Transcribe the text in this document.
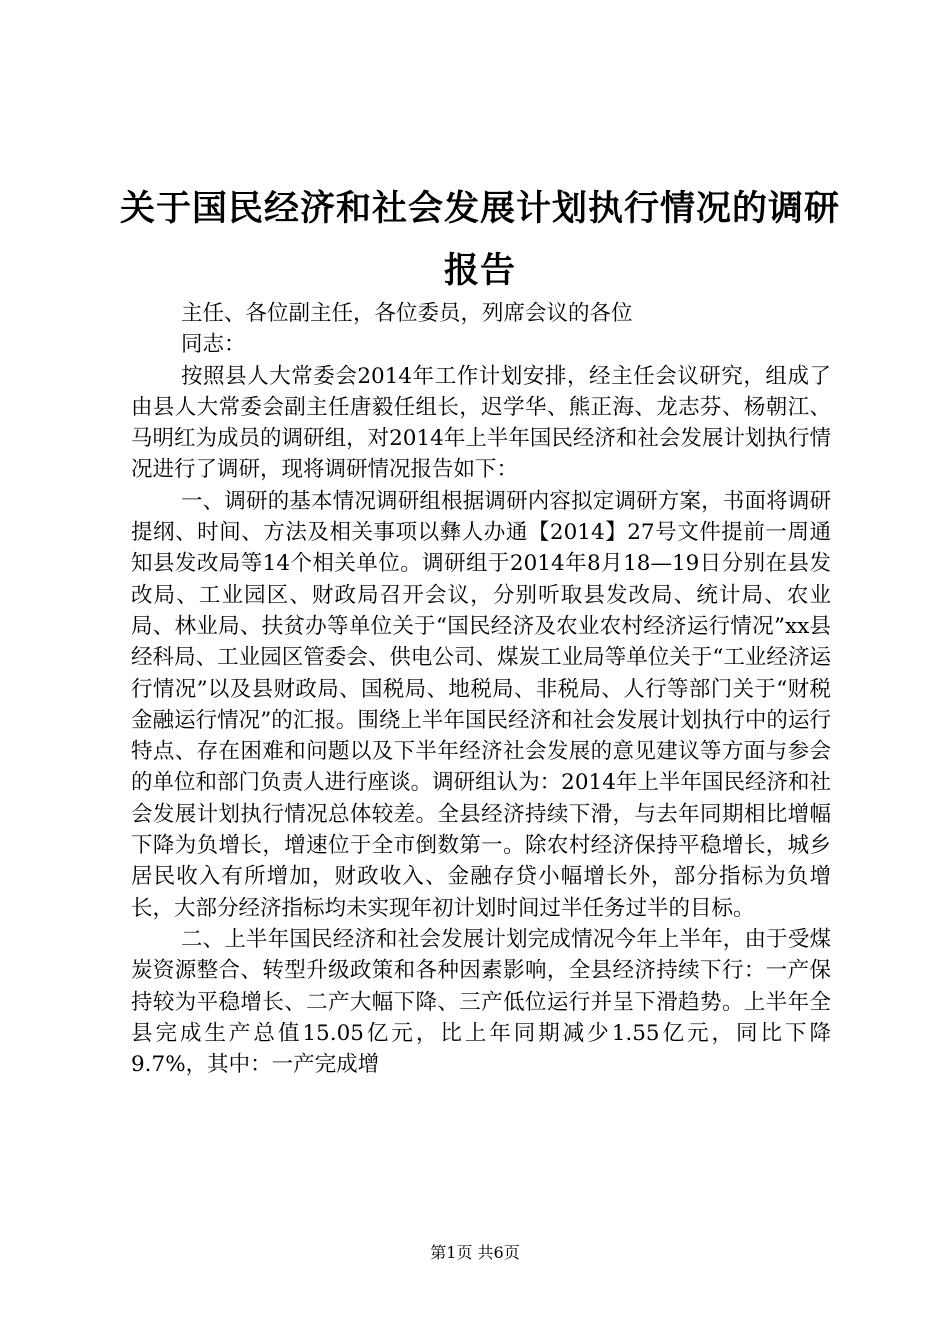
关于国民经济和社会发展计划执行情况的调研
报告

主任、各位副主任，各位委员，列席会议的各位

同志：

按照县人大常委会2014年工作计划安排，经主任会议研究，组成了由县人大常委会副主任唐毅任组长，迟学华、熊正海、龙志芬、杨朝江、马明红为成员的调研组，对2014年上半年国民经济和社会发展计划执行情况进行了调研，现将调研情况报告如下：

一、调研的基本情况调研组根据调研内容拟定调研方案，书面将调研提纲、时间、方法及相关事项以彝人办通【2014】27号文件提前一周通知县发改局等14个相关单位。调研组于2014年8月18—19日分别在县发改局、工业园区、财政局召开会议，分别听取县发改局、统计局、农业局、林业局、扶贫办等单位关于“国民经济及农业农村经济运行情况”xx县经科局、工业园区管委会、供电公司、煤炭工业局等单位关于“工业经济运行情况”以及县财政局、国税局、地税局、非税局、人行等部门关于“财税金融运行情况”的汇报。围绕上半年国民经济和社会发展计划执行中的运行特点、存在困难和问题以及下半年经济社会发展的意见建议等方面与参会的单位和部门负责人进行座谈。调研组认为：2014年上半年国民经济和社会发展计划执行情况总体较差。全县经济持续下滑，与去年同期相比增幅下降为负增长，增速位于全市倒数第一。除农村经济保持平稳增长，城乡居民收入有所增加，财政收入、金融存贷小幅增长外，部分指标为负增长，大部分经济指标均未实现年初计划时间过半任务过半的目标。

二、上半年国民经济和社会发展计划完成情况今年上半年，由于受煤炭资源整合、转型升级政策和各种因素影响，全县经济持续下行：一产保持较为平稳增长、二产大幅下降、三产低位运行并呈下滑趋势。上半年全县完成生产总值15.05亿元，比上年同期减少1.55亿元，同比下降9.7%，其中：一产完成增

第1页 共6页
